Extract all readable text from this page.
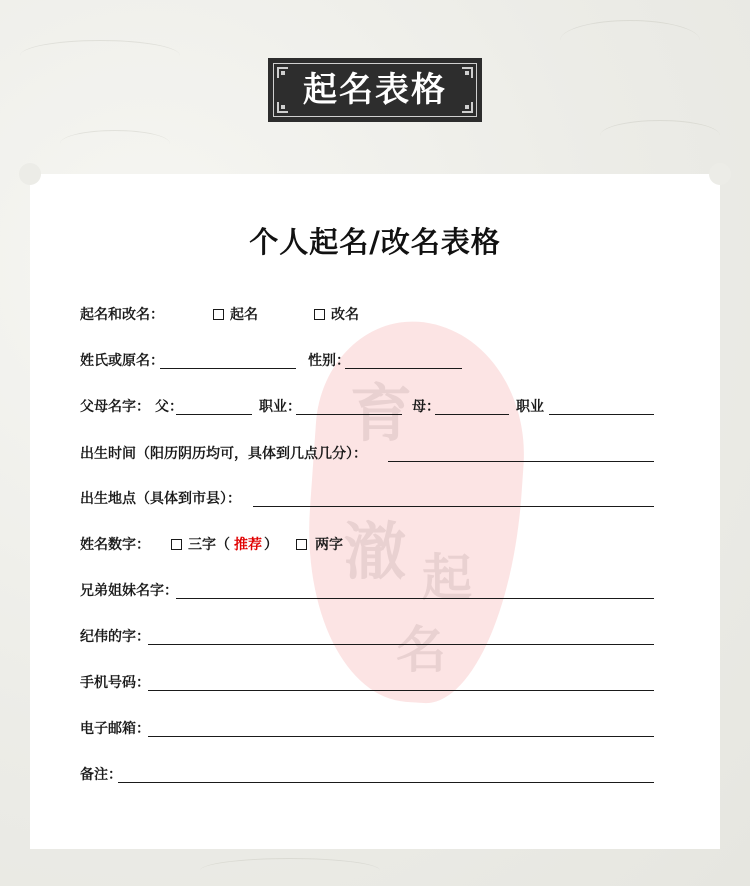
起名表格
育
澈 起
名
个人起名/改名表格
起名和改名：	起名	改名
姓氏或原名：	性别：
父母名字： 父：	职业：	母：	职业
出生时间（阳历阴历均可，具体到几点几分）：
出生地点（具体到市县）：
姓名数字：	三字（ 推荐 ）	两字
兄弟姐妹名字：
纪伟的字：
手机号码：
电子邮箱：
备注：
